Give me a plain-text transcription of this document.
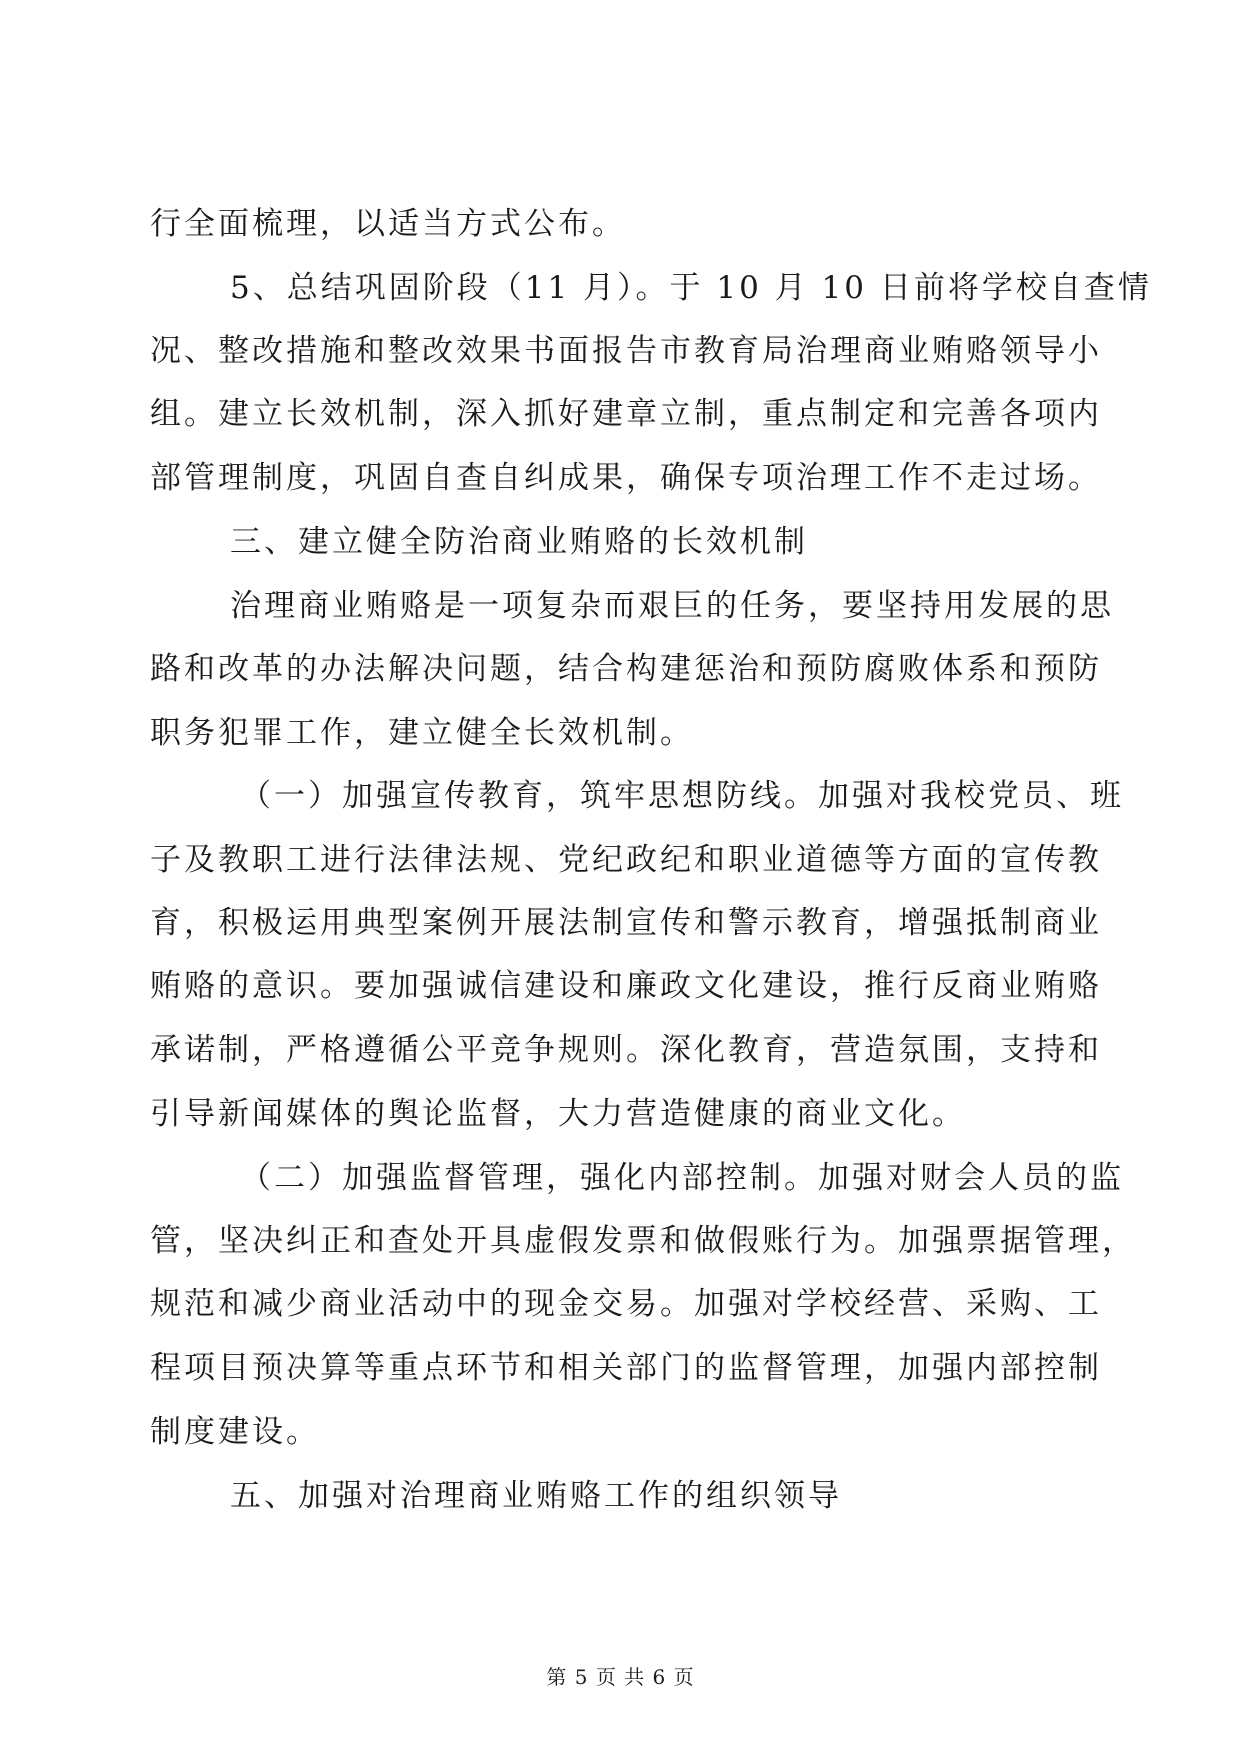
行全面梳理，以适当方式公布。
5、总结巩固阶段（11 月）。于 10 月 10 日前将学校自查情
况、整改措施和整改效果书面报告市教育局治理商业贿赂领导小
组。建立长效机制，深入抓好建章立制，重点制定和完善各项内
部管理制度，巩固自查自纠成果，确保专项治理工作不走过场。
三、建立健全防治商业贿赂的长效机制
治理商业贿赂是一项复杂而艰巨的任务，要坚持用发展的思
路和改革的办法解决问题，结合构建惩治和预防腐败体系和预防
职务犯罪工作，建立健全长效机制。
（一）加强宣传教育，筑牢思想防线。加强对我校党员、班
子及教职工进行法律法规、党纪政纪和职业道德等方面的宣传教
育，积极运用典型案例开展法制宣传和警示教育，增强抵制商业
贿赂的意识。要加强诚信建设和廉政文化建设，推行反商业贿赂
承诺制，严格遵循公平竞争规则。深化教育，营造氛围，支持和
引导新闻媒体的舆论监督，大力营造健康的商业文化。
（二）加强监督管理，强化内部控制。加强对财会人员的监
管，坚决纠正和查处开具虚假发票和做假账行为。加强票据管理，
规范和减少商业活动中的现金交易。加强对学校经营、采购、工
程项目预决算等重点环节和相关部门的监督管理，加强内部控制
制度建设。
五、加强对治理商业贿赂工作的组织领导
第 5 页 共 6 页
